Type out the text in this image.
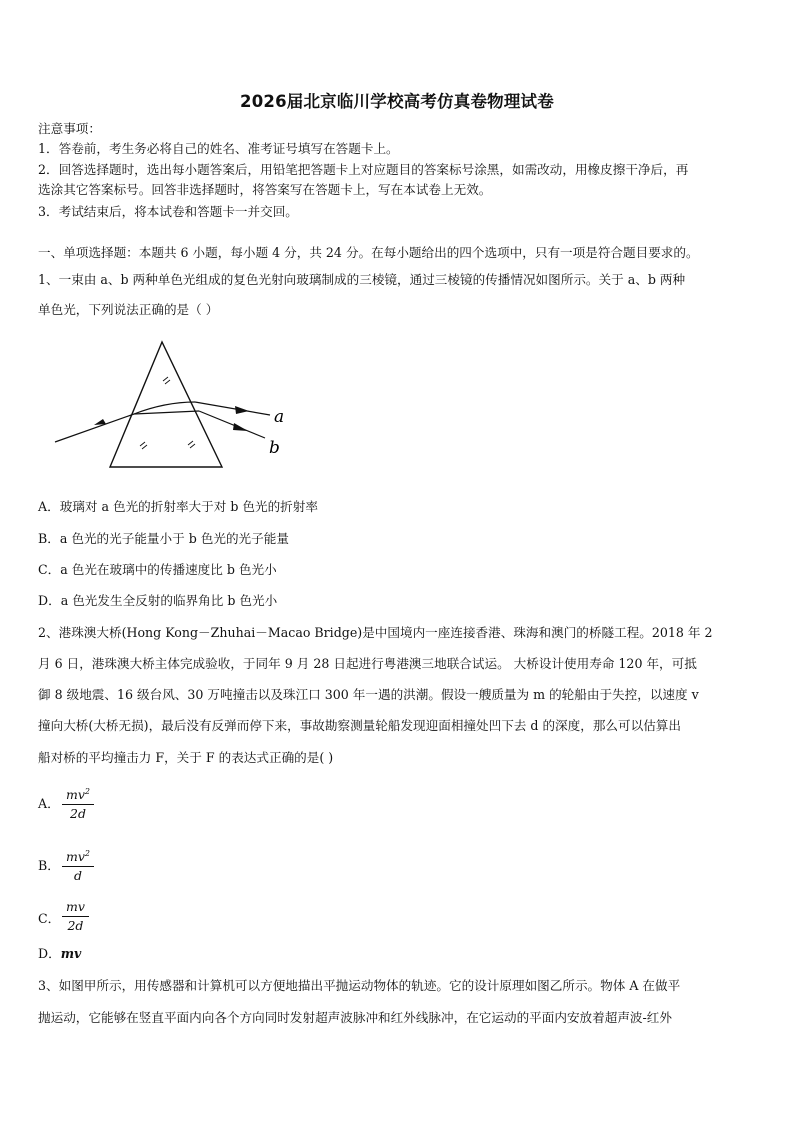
2026届北京临川学校高考仿真卷物理试卷
注意事项：
1．答卷前，考生务必将自己的姓名、准考证号填写在答题卡上。
2．回答选择题时，选出每小题答案后，用铅笔把答题卡上对应题目的答案标号涂黑，如需改动，用橡皮擦干净后，再
选涂其它答案标号。回答非选择题时，将答案写在答题卡上，写在本试卷上无效。
3．考试结束后，将本试卷和答题卡一并交回。
一、单项选择题：本题共 6 小题，每小题 4 分，共 24 分。在每小题给出的四个选项中，只有一项是符合题目要求的。
1、一束由 a、b 两种单色光组成的复色光射向玻璃制成的三棱镜，通过三棱镜的传播情况如图所示。关于 a、b 两种
单色光，下列说法正确的是（ ）
a
b
A．玻璃对 a 色光的折射率大于对 b 色光的折射率
B．a 色光的光子能量小于 b 色光的光子能量
C．a 色光在玻璃中的传播速度比 b 色光小
D．a 色光发生全反射的临界角比 b 色光小
2、港珠澳大桥(Hong Kong－Zhuhai－Macao Bridge)是中国境内一座连接香港、珠海和澳门的桥隧工程。2018 年 2
月 6 日，港珠澳大桥主体完成验收，于同年 9 月 28 日起进行粤港澳三地联合试运。 大桥设计使用寿命 120 年，可抵
御 8 级地震、16 级台风、30 万吨撞击以及珠江口 300 年一遇的洪潮。假设一艘质量为 m 的轮船由于失控，以速度 v
撞向大桥(大桥无损)，最后没有反弹而停下来，事故勘察测量轮船发现迎面相撞处凹下去 d 的深度，那么可以估算出
船对桥的平均撞击力 F，关于 F 的表达式正确的是( )
A．
$mv^2$
2d
B．
$mv^2$
d
C．
mv
2d
D．mv
3、如图甲所示，用传感器和计算机可以方便地描出平抛运动物体的轨迹。它的设计原理如图乙所示。物体 A 在做平
抛运动，它能够在竖直平面内向各个方向同时发射超声波脉冲和红外线脉冲，在它运动的平面内安放着超声波-红外
